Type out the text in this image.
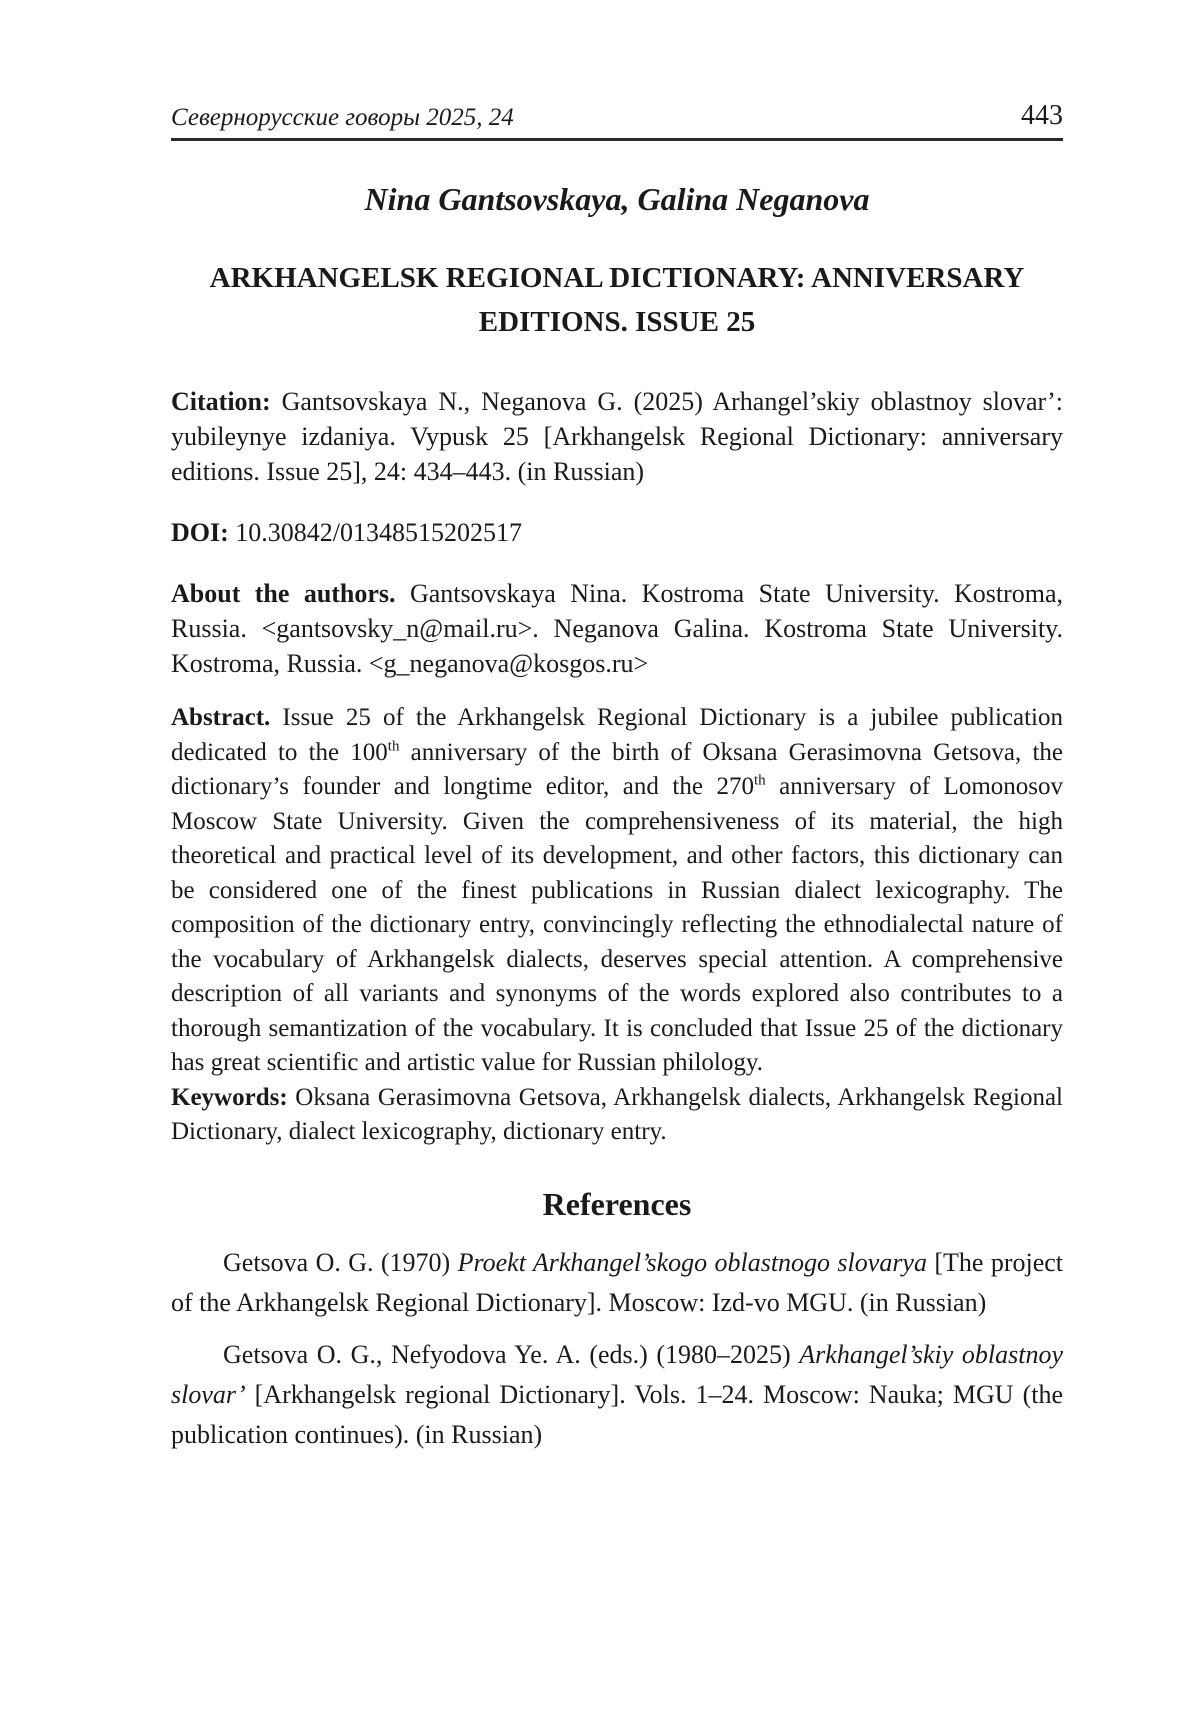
Севернорусские говоры 2025, 24	443
Nina Gantsovskaya, Galina Neganova
ARKHANGELSK REGIONAL DICTIONARY: ANNIVERSARY
EDITIONS. ISSUE 25

Citation: Gantsovskaya N., Neganova G. (2025) Arhangel’skiy oblastnoy slovar’: yubileynye izdaniya. Vypusk 25 [Arkhangelsk Regional Dictionary: anniversary editions. Issue 25], 24: 434–443. (in Russian)

DOI: 10.30842/01348515202517

About the authors. Gantsovskaya Nina. Kostroma State University. Kostroma, Russia. <gantsovsky_n@mail.ru>. Neganova Galina. Kostroma State University. Kostroma, Russia. <g_neganova@kosgos.ru>

Abstract. Issue 25 of the Arkhangelsk Regional Dictionary is a jubilee publication dedicated to the 100th anniversary of the birth of Oksana Gerasimovna Getsova, the dictionary’s founder and longtime editor, and the 270th anniversary of Lomonosov Moscow State University. Given the comprehensiveness of its material, the high theoretical and practical level of its development, and other factors, this dictionary can be considered one of the finest publications in Russian dialect lexicography. The composition of the dictionary entry, convincingly reflecting the ethnodialectal nature of the vocabulary of Arkhangelsk dialects, deserves special attention. A comprehensive description of all variants and synonyms of the words explored also contributes to a thorough semantization of the vocabulary. It is concluded that Issue 25 of the dictionary has great scientific and artistic value for Russian philology.

Keywords: Oksana Gerasimovna Getsova, Arkhangelsk dialects, Arkhangelsk Regional Dictionary, dialect lexicography, dictionary entry.

References

Getsova O. G. (1970) Proekt Arkhangel’skogo oblastnogo slovarya [The project of the Arkhangelsk Regional Dictionary]. Moscow: Izd-vo MGU. (in Russian)

Getsova O. G., Nefyodova Ye. A. (eds.) (1980–2025) Arkhangel’skiy oblastnoy slovar’ [Arkhangelsk regional Dictionary]. Vols. 1–24. Moscow: Nauka; MGU (the publication continues). (in Russian)
